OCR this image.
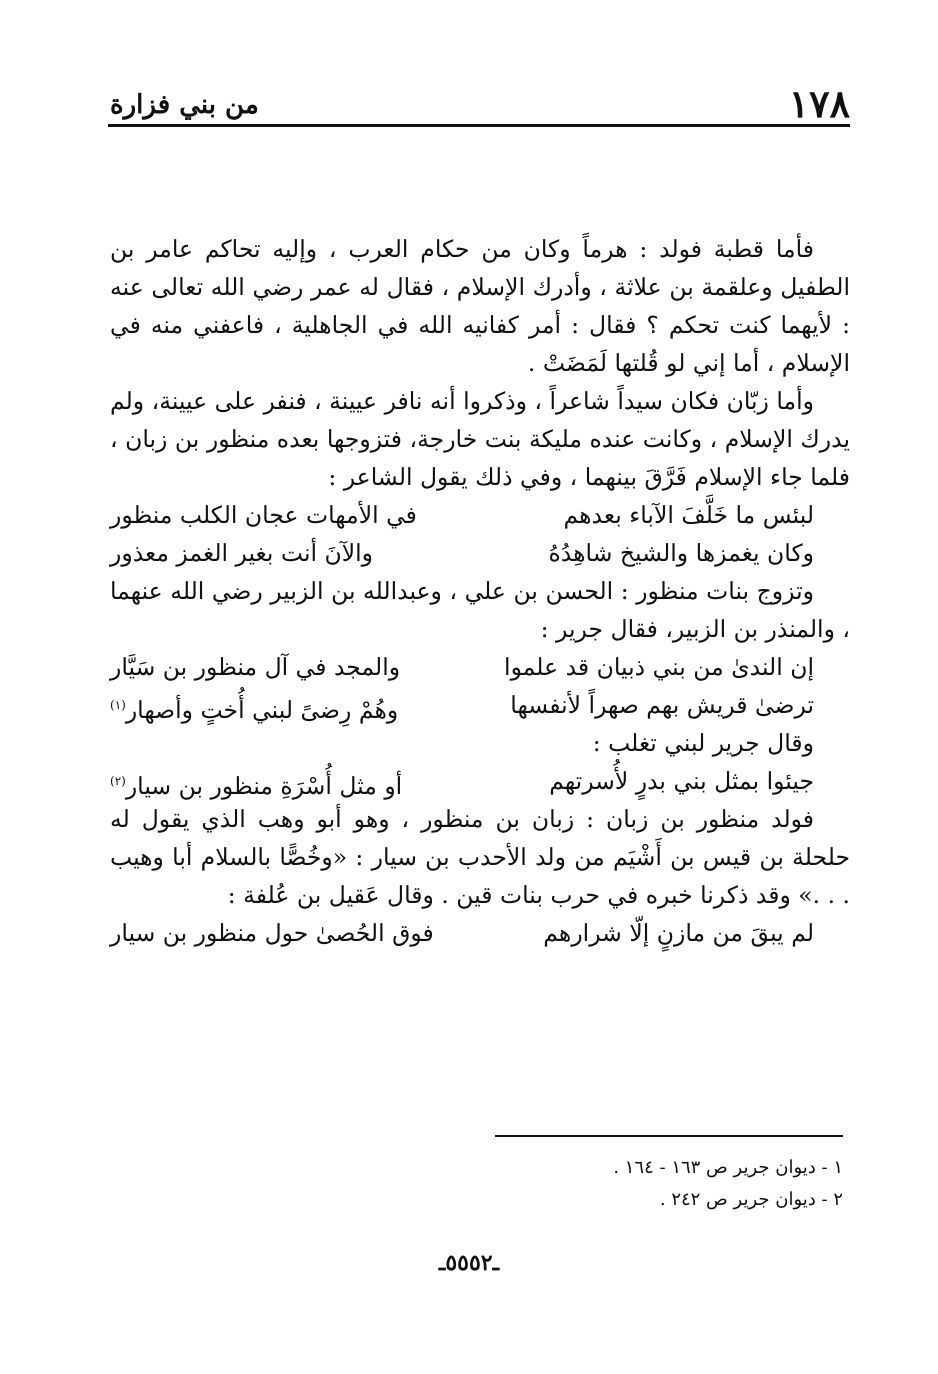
١٧٨
من بني فزارة

فأما قطبة فولد : هرماً وكان من حكام العرب ، وإليه تحاكم عامر بن الطفيل وعلقمة بن علاثة ، وأدرك الإسلام ، فقال له عمر رضي الله تعالى عنه : لأيهما كنت تحكم ؟ فقال : أمر كفانيه الله في الجاهلية ، فاعفني منه في الإسلام ، أما إني لو قُلتها لَمَضَتْ .

وأما زبّان فكان سيداً شاعراً ، وذكروا أنه نافر عيينة ، فنفر على عيينة، ولم يدرك الإسلام ، وكانت عنده مليكة بنت خارجة، فتزوجها بعده منظور بن زبان ، فلما جاء الإسلام فَرَّقَ بينهما ، وفي ذلك يقول الشاعر :

لبئس ما خَلَّفَ الآباء بعدهم
في الأمهات عجان الكلب منظور
وكان يغمزها والشيخ شاهِدُهُ
والآنَ أنت بغير الغمز معذور

وتزوج بنات منظور : الحسن بن علي ، وعبدالله بن الزبير رضي الله عنهما ، والمنذر بن الزبير، فقال جرير :

إن الندىٰ من بني ذبيان قد علموا
والمجد في آل منظور بن سَيَّار
ترضىٰ قريش بهم صهراً لأنفسها
وهُمْ رِضىً لبني أُختٍ وأصهار$^{(١)}$

وقال جرير لبني تغلب :

جيئوا بمثل بني بدرٍ لأُسرتهم
أو مثل أُسْرَةِ منظور بن سيار$^{(٢)}$

فولد منظور بن زبان : زبان بن منظور ، وهو أبو وهب الذي يقول له حلحلة بن قيس بن أَشْيَم من ولد الأحدب بن سيار : «وخُصًّا بالسلام أبا وهيب . . .» وقد ذكرنا خبره في حرب بنات قين . وقال عَقيل بن عُلفة :

لم يبقَ من مازنٍ إلّا شرارهم
فوق الحُصىٰ حول منظور بن سيار
١ - ديوان جرير ص ١٦٣ - ١٦٤ .
٢ - ديوان جرير ص ٢٤٢ .
ـ٥٥٥٢ـ
